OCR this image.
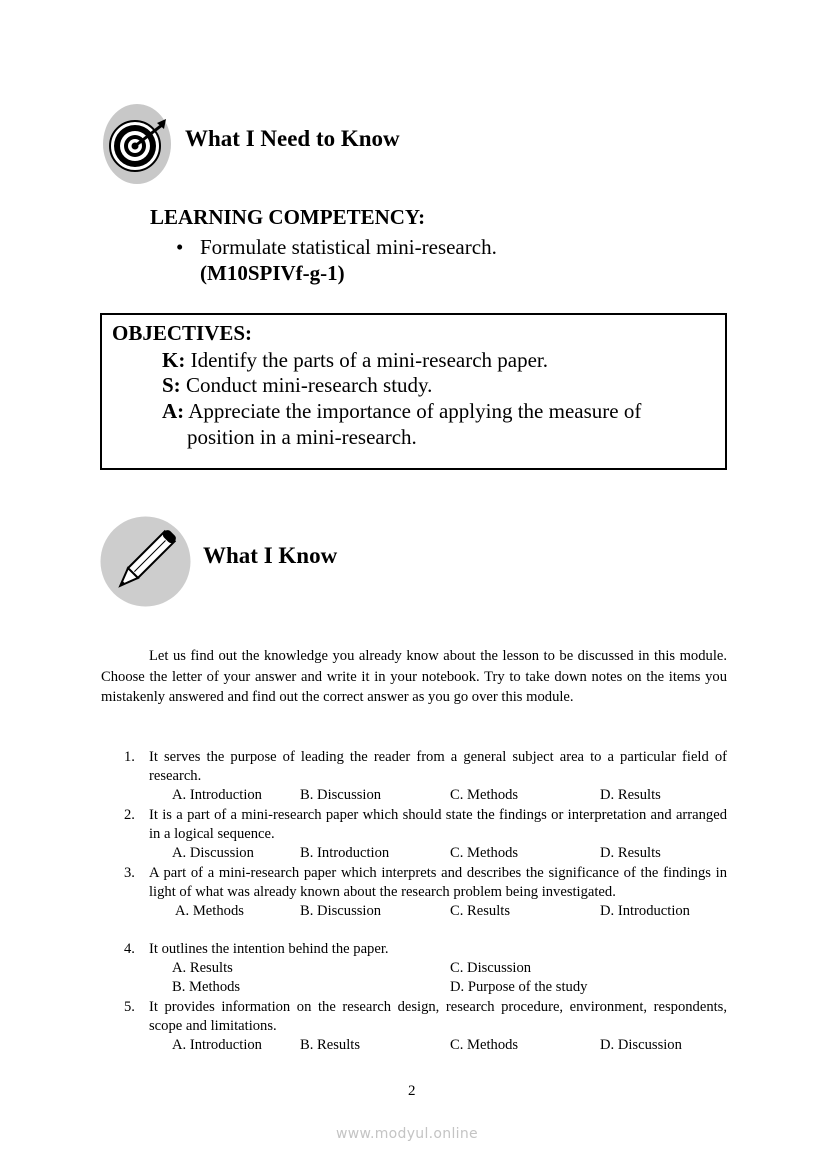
What I Need to Know
LEARNING COMPETENCY:
• Formulate statistical mini-research.
(M10SPIVf-g-1)
OBJECTIVES:
K: Identify the parts of a mini-research paper.
S: Conduct mini-research study.
A: Appreciate the importance of applying the measure of
position in a mini-research.
What I Know
Let us find out the knowledge you already know about the lesson to be discussed in this module. Choose the letter of your answer and write it in your notebook. Try to take down notes on the items you mistakenly answered and find out the correct answer as you go over this module.
1. It serves the purpose of leading the reader from a general subject area to a particular field of research.
A. Introduction	B. Discussion	C. Methods	D. Results
2. It is a part of a mini-research paper which should state the findings or interpretation and arranged in a logical sequence.
A. Discussion	B. Introduction	C. Methods	D. Results
3. A part of a mini-research paper which interprets and describes the significance of the findings in light of what was already known about the research problem being investigated.
A. Methods	B. Discussion	C. Results	D. Introduction
4. It outlines the intention behind the paper.
A. Results	C. Discussion
B. Methods	D. Purpose of the study
5. It provides information on the research design, research procedure, environment, respondents, scope and limitations.
A. Introduction	B. Results	C. Methods	D. Discussion
2
www.modyul.online
